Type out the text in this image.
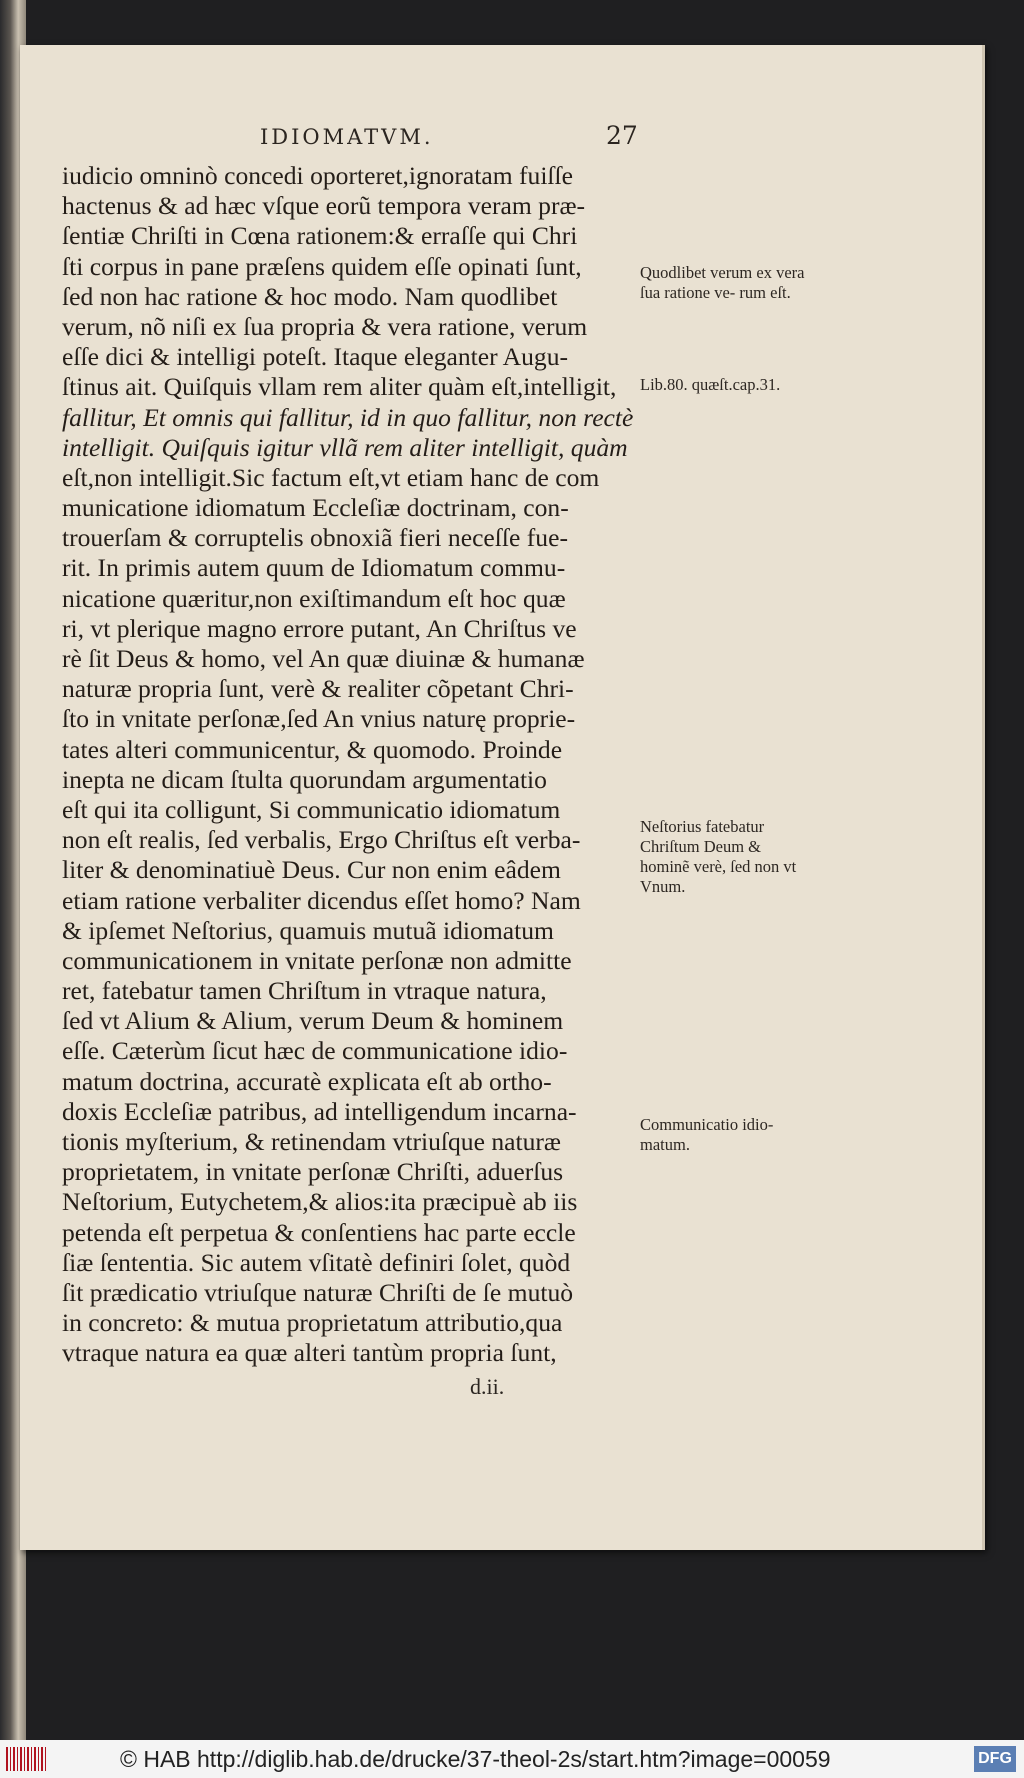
IDIOMATVM.	27
iudicio omninò concedi oporteret,ignoratam fuiſſe
hactenus & ad hæc vſque eorũ tempora veram præ-
ſentiæ Chriſti in Cœna rationem:& erraſſe qui Chri
ſti corpus in pane præſens quidem eſſe opinati ſunt,
ſed non hac ratione & hoc modo. Nam quodlibet
verum, nõ niſi ex ſua propria & vera ratione, verum
eſſe dici & intelligi poteſt. Itaque eleganter Augu-
ſtinus ait. Quiſquis vllam rem aliter quàm eſt,intelligit,
fallitur, Et omnis qui fallitur, id in quo fallitur, non rectè
intelligit. Quiſquis igitur vllã rem aliter intelligit, quàm
eſt,non intelligit.Sic factum eſt,vt etiam hanc de com
municatione idiomatum Eccleſiæ doctrinam, con-
trouerſam & corruptelis obnoxiã fieri neceſſe fue-
rit. In primis autem quum de Idiomatum commu-
nicatione quæritur,non exiſtimandum eſt hoc quæ
ri, vt plerique magno errore putant, An Chriſtus ve
rè ſit Deus & homo, vel An quæ diuinæ & humanæ
naturæ propria ſunt, verè & realiter cõpetant Chri-
ſto in vnitate perſonæ,ſed An vnius naturę proprie-
tates alteri communicentur, & quomodo. Proinde
inepta ne dicam ſtulta quorundam argumentatio
eſt qui ita colligunt, Si communicatio idiomatum
non eſt realis, ſed verbalis, Ergo Chriſtus eſt verba-
liter & denominatiuè Deus. Cur non enim eâdem
etiam ratione verbaliter dicendus eſſet homo? Nam
& ipſemet Neſtorius, quamuis mutuã idiomatum
communicationem in vnitate perſonæ non admitte
ret, fatebatur tamen Chriſtum in vtraque natura,
ſed vt Alium & Alium, verum Deum & hominem
eſſe. Cæterùm ſicut hæc de communicatione idio-
matum doctrina, accuratè explicata eſt ab ortho-
doxis Eccleſiæ patribus, ad intelligendum incarna-
tionis myſterium, & retinendam vtriuſque naturæ
proprietatem, in vnitate perſonæ Chriſti, aduerſus
Neſtorium, Eutychetem,& alios:ita præcipuè ab iis
petenda eſt perpetua & conſentiens hac parte eccle
ſiæ ſententia. Sic autem vſitatè definiri ſolet, quòd
ſit prædicatio vtriuſque naturæ Chriſti de ſe mutuò
in concreto: & mutua proprietatum attributio,qua
vtraque natura ea quæ alteri tantùm propria ſunt,
Quodlibet verum ex vera ſua ratione ve- rum eſt.
Lib.80. quæſt.cap.31.
Neſtorius fatebatur Chriſtum Deum & hominẽ verè, ſed non vt Vnum.
Communicatio idio- matum.
d.ii.
© HAB http://diglib.hab.de/drucke/37-theol-2s/start.htm?image=00059	DFG
